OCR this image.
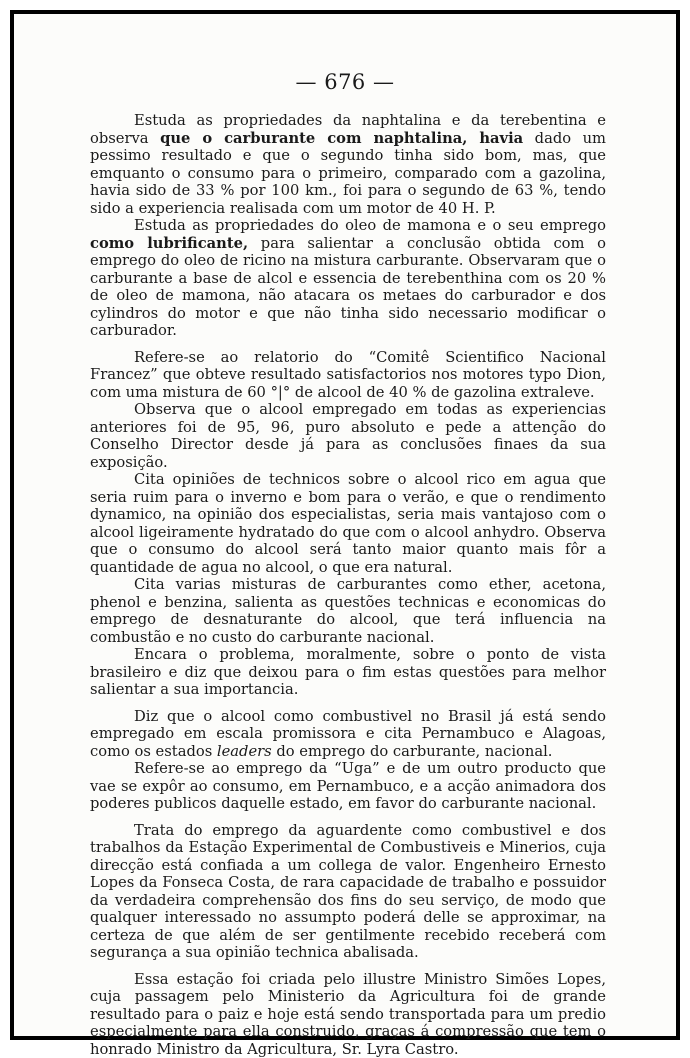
— 676 —

Estuda as propriedades da naphtalina e da terebentina e observa que o carburante com naphtalina, havia dado um pessimo resultado e que o segundo tinha sido bom, mas, que emquanto o consumo para o primeiro, comparado com a gazolina, havia sido de 33 % por 100 km., foi para o segundo de 63 %, tendo sido a experiencia realisada com um motor de 40 H. P.

Estuda as propriedades do oleo de mamona e o seu emprego como lubrificante, para salientar a conclusão obtida com o emprego do oleo de ricino na mistura carburante. Observaram que o carburante a base de alcol e essencia de terebenthina com os 20 % de oleo de mamona, não atacara os metaes do carburador e dos cylindros do motor e que não tinha sido necessario modificar o carburador.

Refere-se ao relatorio do “Comitê Scientifico Nacional Francez” que obteve resultado satisfactorios nos motores typo Dion, com uma mistura de 60 °|° de alcool de 40 % de gazolina extraleve.

Observa que o alcool empregado em todas as experiencias anteriores foi de 95, 96, puro absoluto e pede a attenção do Conselho Director desde já para as conclusões finaes da sua exposição.

Cita opiniões de technicos sobre o alcool rico em agua que seria ruim para o inverno e bom para o verão, e que o rendimento dynamico, na opinião dos especialistas, seria mais vantajoso com o alcool ligeiramente hydratado do que com o alcool anhydro. Observa que o consumo do alcool será tanto maior quanto mais fôr a quantidade de agua no alcool, o que era natural.

Cita varias misturas de carburantes como ether, acetona, phenol e benzina, salienta as questões technicas e economicas do emprego de desnaturante do alcool, que terá influencia na combustão e no custo do carburante nacional.

Encara o problema, moralmente, sobre o ponto de vista brasileiro e diz que deixou para o fim estas questões para melhor salientar a sua importancia.

Diz que o alcool como combustivel no Brasil já está sendo empregado em escala promissora e cita Pernambuco e Alagoas, como os estados leaders do emprego do carburante, nacional.

Refere-se ao emprego da “Uga” e de um outro producto que vae se expôr ao consumo, em Pernambuco, e a acção animadora dos poderes publicos daquelle estado, em favor do carburante nacional.

Trata do emprego da aguardente como combustivel e dos trabalhos da Estação Experimental de Combustiveis e Minerios, cuja direcção está confiada a um collega de valor. Engenheiro Ernesto Lopes da Fonseca Costa, de rara capacidade de trabalho e possuidor da verdadeira comprehensão dos fins do seu serviço, de modo que qualquer interessado no assumpto poderá delle se approximar, na certeza de que além de ser gentilmente recebido receberá com segurança a sua opinião technica abalisada.

Essa estação foi criada pelo illustre Ministro Simões Lopes, cuja passagem pelo Ministerio da Agricultura foi de grande resultado para o paiz e hoje está sendo transportada para um predio especialmente para ella construido, graças á compressão que tem o honrado Ministro da Agricultura, Sr. Lyra Castro.
